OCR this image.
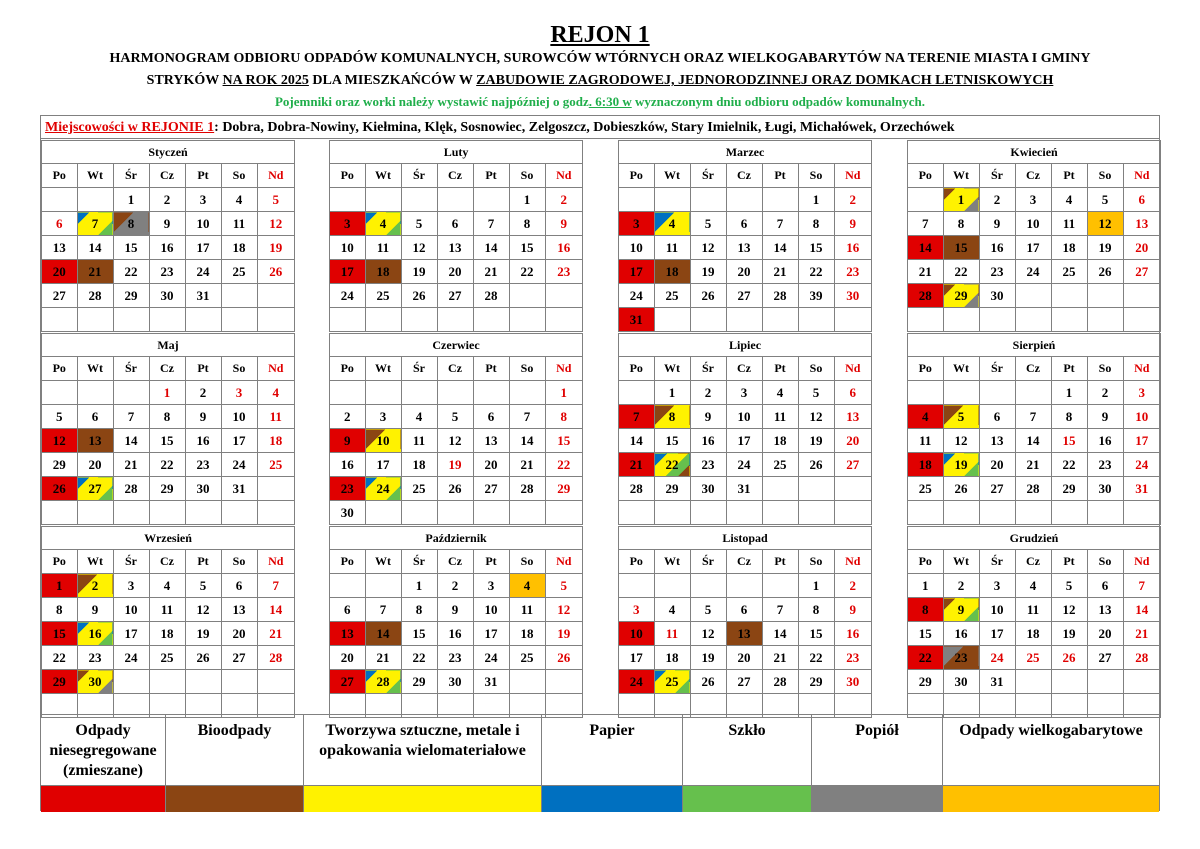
REJON 1
HARMONOGRAM ODBIORU ODPADÓW KOMUNALNYCH, SUROWCÓW WTÓRNYCH ORAZ WIELKOGABARYTÓW NA TERENIE MIASTA I GMINY
STRYKÓW NA ROK 2025 DLA MIESZKAŃCÓW W ZABUDOWIE ZAGRODOWEJ, JEDNORODZINNEJ ORAZ DOMKACH LETNISKOWYCH
Pojemniki oraz worki należy wystawić najpóźniej o godz. 6:30 w wyznaczonym dniu odbioru odpadów komunalnych.
Miejscowości w REJONIE 1: Dobra, Dobra-Nowiny, Kiełmina, Klęk, Sosnowiec, Zelgoszcz, Dobieszków, Stary Imielnik, Ługi, Michałówek, Orzechówek
Styczeń						
Po	Wt	Śr	Cz	Pt	So	Nd
		1	2	3	4	5
6	7	8	9	10	11	12
13	14	15	16	17	18	19
20	21	22	23	24	25	26
27	28	29	30	31		

Luty						
Po	Wt	Śr	Cz	Pt	So	Nd
					1	2
3	4	5	6	7	8	9
10	11	12	13	14	15	16
17	18	19	20	21	22	23
24	25	26	27	28		

Marzec						
Po	Wt	Śr	Cz	Pt	So	Nd
					1	2
3	4	5	6	7	8	9
10	11	12	13	14	15	16
17	18	19	20	21	22	23
24	25	26	27	28	39	30
31						
Kwiecień						
Po	Wt	Śr	Cz	Pt	So	Nd
	1	2	3	4	5	6
7	8	9	10	11	12	13
14	15	16	17	18	19	20
21	22	23	24	25	26	27
28	29	30				

Maj						
Po	Wt	Śr	Cz	Pt	So	Nd
			1	2	3	4
5	6	7	8	9	10	11
12	13	14	15	16	17	18
29	20	21	22	23	24	25
26	27	28	29	30	31	

Czerwiec						
Po	Wt	Śr	Cz	Pt	So	Nd
						1
2	3	4	5	6	7	8
9	10	11	12	13	14	15
16	17	18	19	20	21	22
23	24	25	26	27	28	29
30						
Lipiec						
Po	Wt	Śr	Cz	Pt	So	Nd
	1	2	3	4	5	6
7	8	9	10	11	12	13
14	15	16	17	18	19	20
21	22	23	24	25	26	27
28	29	30	31			

Sierpień						
Po	Wt	Śr	Cz	Pt	So	Nd
				1	2	3
4	5	6	7	8	9	10
11	12	13	14	15	16	17
18	19	20	21	22	23	24
25	26	27	28	29	30	31

Wrzesień						
Po	Wt	Śr	Cz	Pt	So	Nd
1	2	3	4	5	6	7
8	9	10	11	12	13	14
15	16	17	18	19	20	21
22	23	24	25	26	27	28
29	30					

Październik						
Po	Wt	Śr	Cz	Pt	So	Nd
		1	2	3	4	5
6	7	8	9	10	11	12
13	14	15	16	17	18	19
20	21	22	23	24	25	26
27	28	29	30	31		

Listopad						
Po	Wt	Śr	Cz	Pt	So	Nd
					1	2
3	4	5	6	7	8	9
10	11	12	13	14	15	16
17	18	19	20	21	22	23
24	25	26	27	28	29	30

Grudzień						
Po	Wt	Śr	Cz	Pt	So	Nd
1	2	3	4	5	6	7
8	9	10	11	12	13	14
15	16	17	18	19	20	21
22	23	24	25	26	27	28
29	30	31				

Odpady niesegregowane (zmieszane)
Bioodpady	Tworzywa sztuczne, metale i opakowania wielomateriałowe
Papier	Szkło	Popiół	Odpady wielkogabarytowe
